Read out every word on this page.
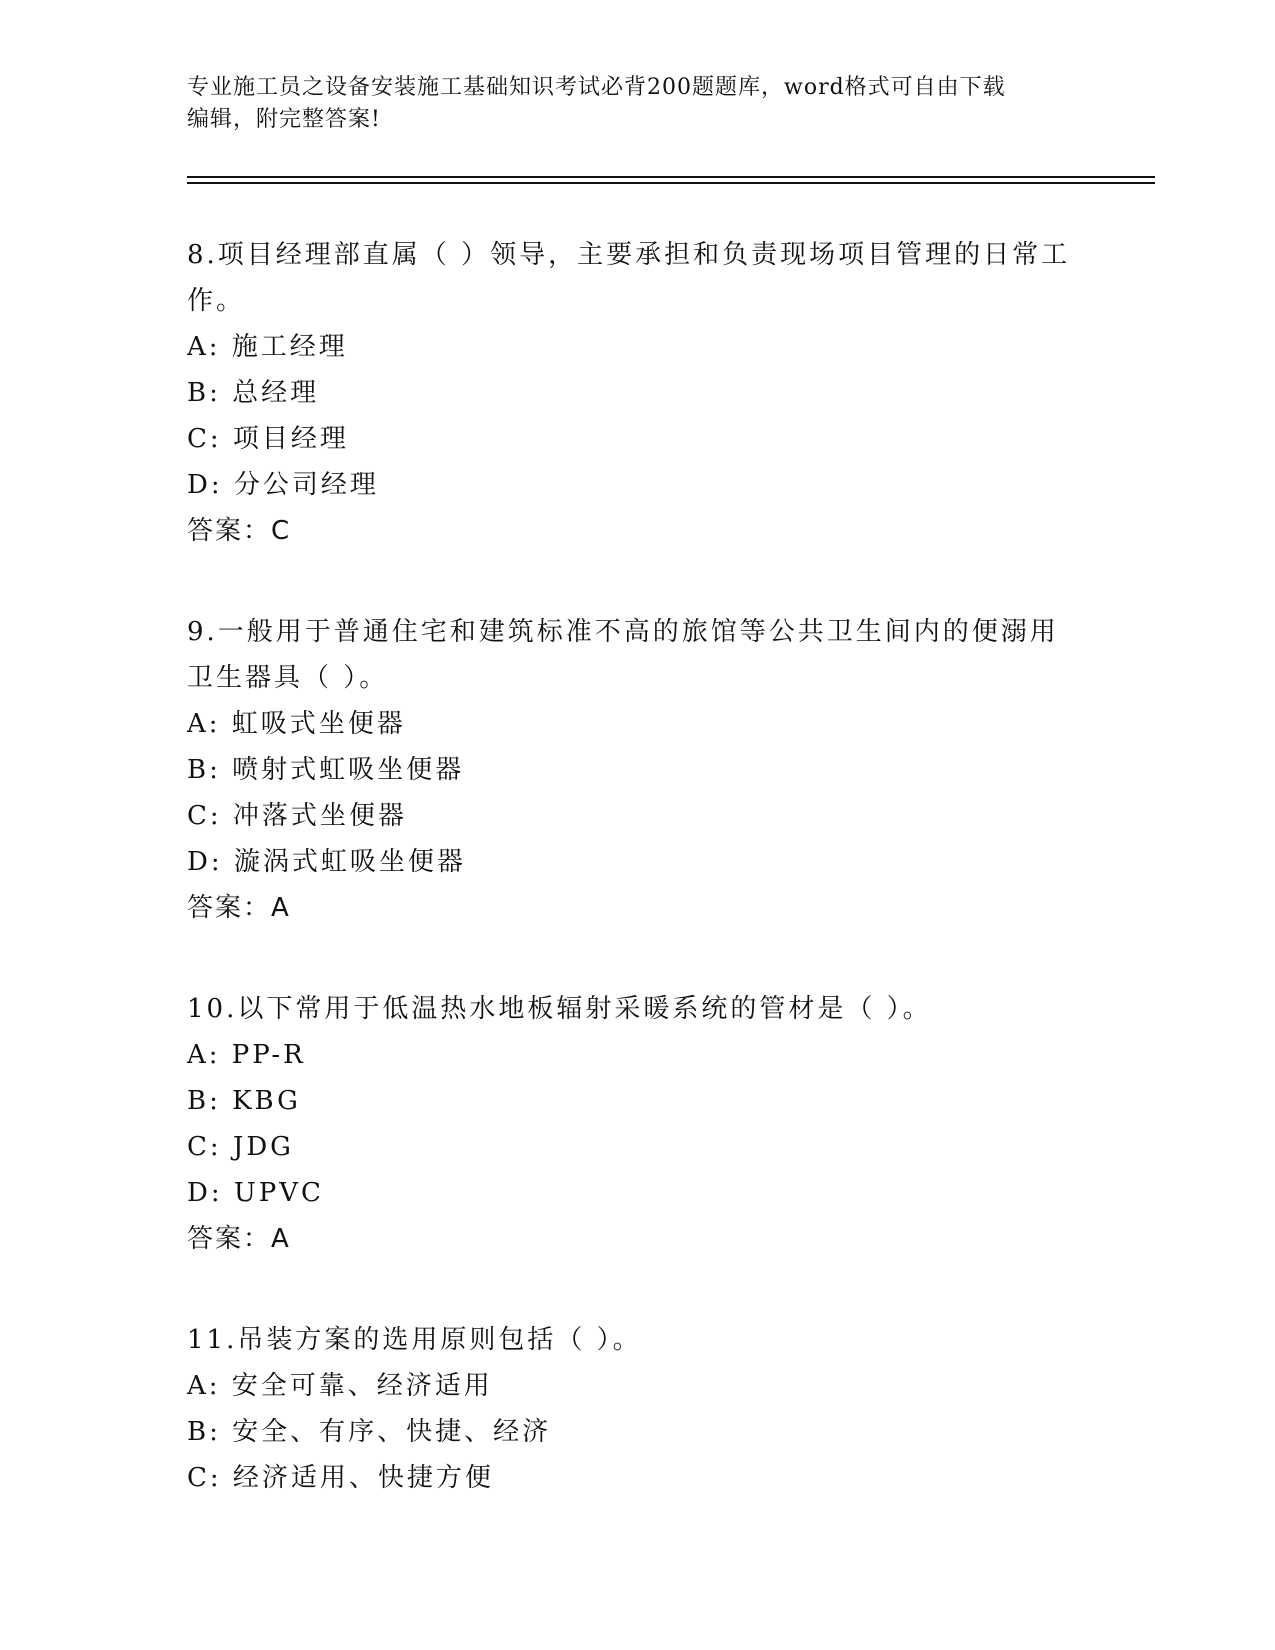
专业施工员之设备安装施工基础知识考试必背200题题库，word格式可自由下载
编辑，附完整答案!

8.项目经理部直属（ ）领导，主要承担和负责现场项目管理的日常工

作。

A: 施工经理

B: 总经理

C: 项目经理

D: 分公司经理

答案：C

9.一般用于普通住宅和建筑标准不高的旅馆等公共卫生间内的便溺用

卫生器具（ ）。

A: 虹吸式坐便器

B: 喷射式虹吸坐便器

C: 冲落式坐便器

D: 漩涡式虹吸坐便器

答案：A

10.以下常用于低温热水地板辐射采暖系统的管材是（ ）。

A: PP-R

B: KBG

C: JDG

D: UPVC

答案：A

11.吊装方案的选用原则包括（ ）。

A: 安全可靠、经济适用

B: 安全、有序、快捷、经济

C: 经济适用、快捷方便
